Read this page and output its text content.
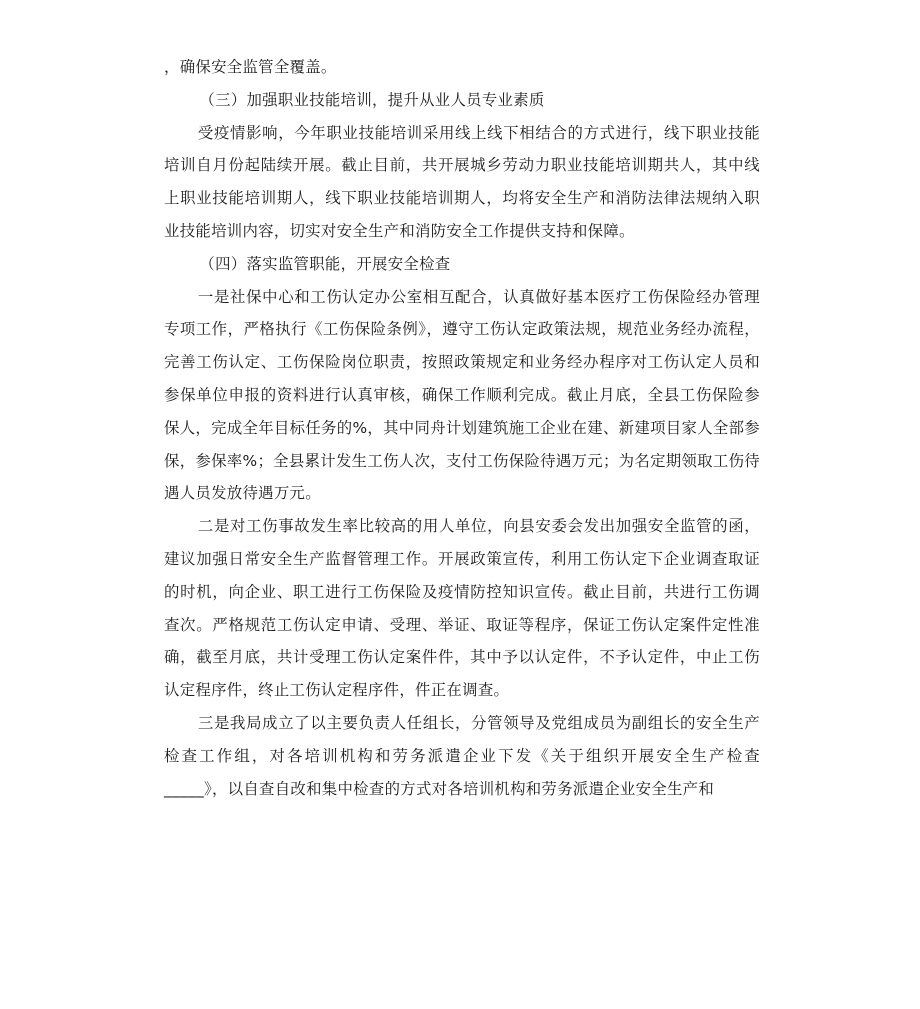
，确保安全监管全覆盖。

（三）加强职业技能培训，提升从业人员专业素质

受疫情影响，今年职业技能培训采用线上线下相结合的方式进行，线下职业技能培训自月份起陆续开展。截止目前，共开展城乡劳动力职业技能培训期共人，其中线上职业技能培训期人，线下职业技能培训期人，均将安全生产和消防法律法规纳入职业技能培训内容，切实对安全生产和消防安全工作提供支持和保障。

（四）落实监管职能，开展安全检查

一是社保中心和工伤认定办公室相互配合，认真做好基本医疗工伤保险经办管理专项工作，严格执行《工伤保险条例》，遵守工伤认定政策法规，规范业务经办流程，完善工伤认定、工伤保险岗位职责，按照政策规定和业务经办程序对工伤认定人员和参保单位申报的资料进行认真审核，确保工作顺利完成。截止月底，全县工伤保险参保人，完成全年目标任务的%，其中同舟计划建筑施工企业在建、新建项目家人全部参保，参保率%；全县累计发生工伤人次，支付工伤保险待遇万元；为名定期领取工伤待遇人员发放待遇万元。

二是对工伤事故发生率比较高的用人单位，向县安委会发出加强安全监管的函，建议加强日常安全生产监督管理工作。开展政策宣传，利用工伤认定下企业调查取证的时机，向企业、职工进行工伤保险及疫情防控知识宣传。截止目前，共进行工伤调查次。严格规范工伤认定申请、受理、举证、取证等程序，保证工伤认定案件定性准确，截至月底，共计受理工伤认定案件件，其中予以认定件，不予认定件，中止工伤认定程序件，终止工伤认定程序件，件正在调查。

三是我局成立了以主要负责人任组长，分管领导及党组成员为副组长的安全生产检查工作组，对各培训机构和劳务派遣企业下发《关于组织开展安全生产检查_____》，以自查自改和集中检查的方式对各培训机构和劳务派遣企业安全生产和
